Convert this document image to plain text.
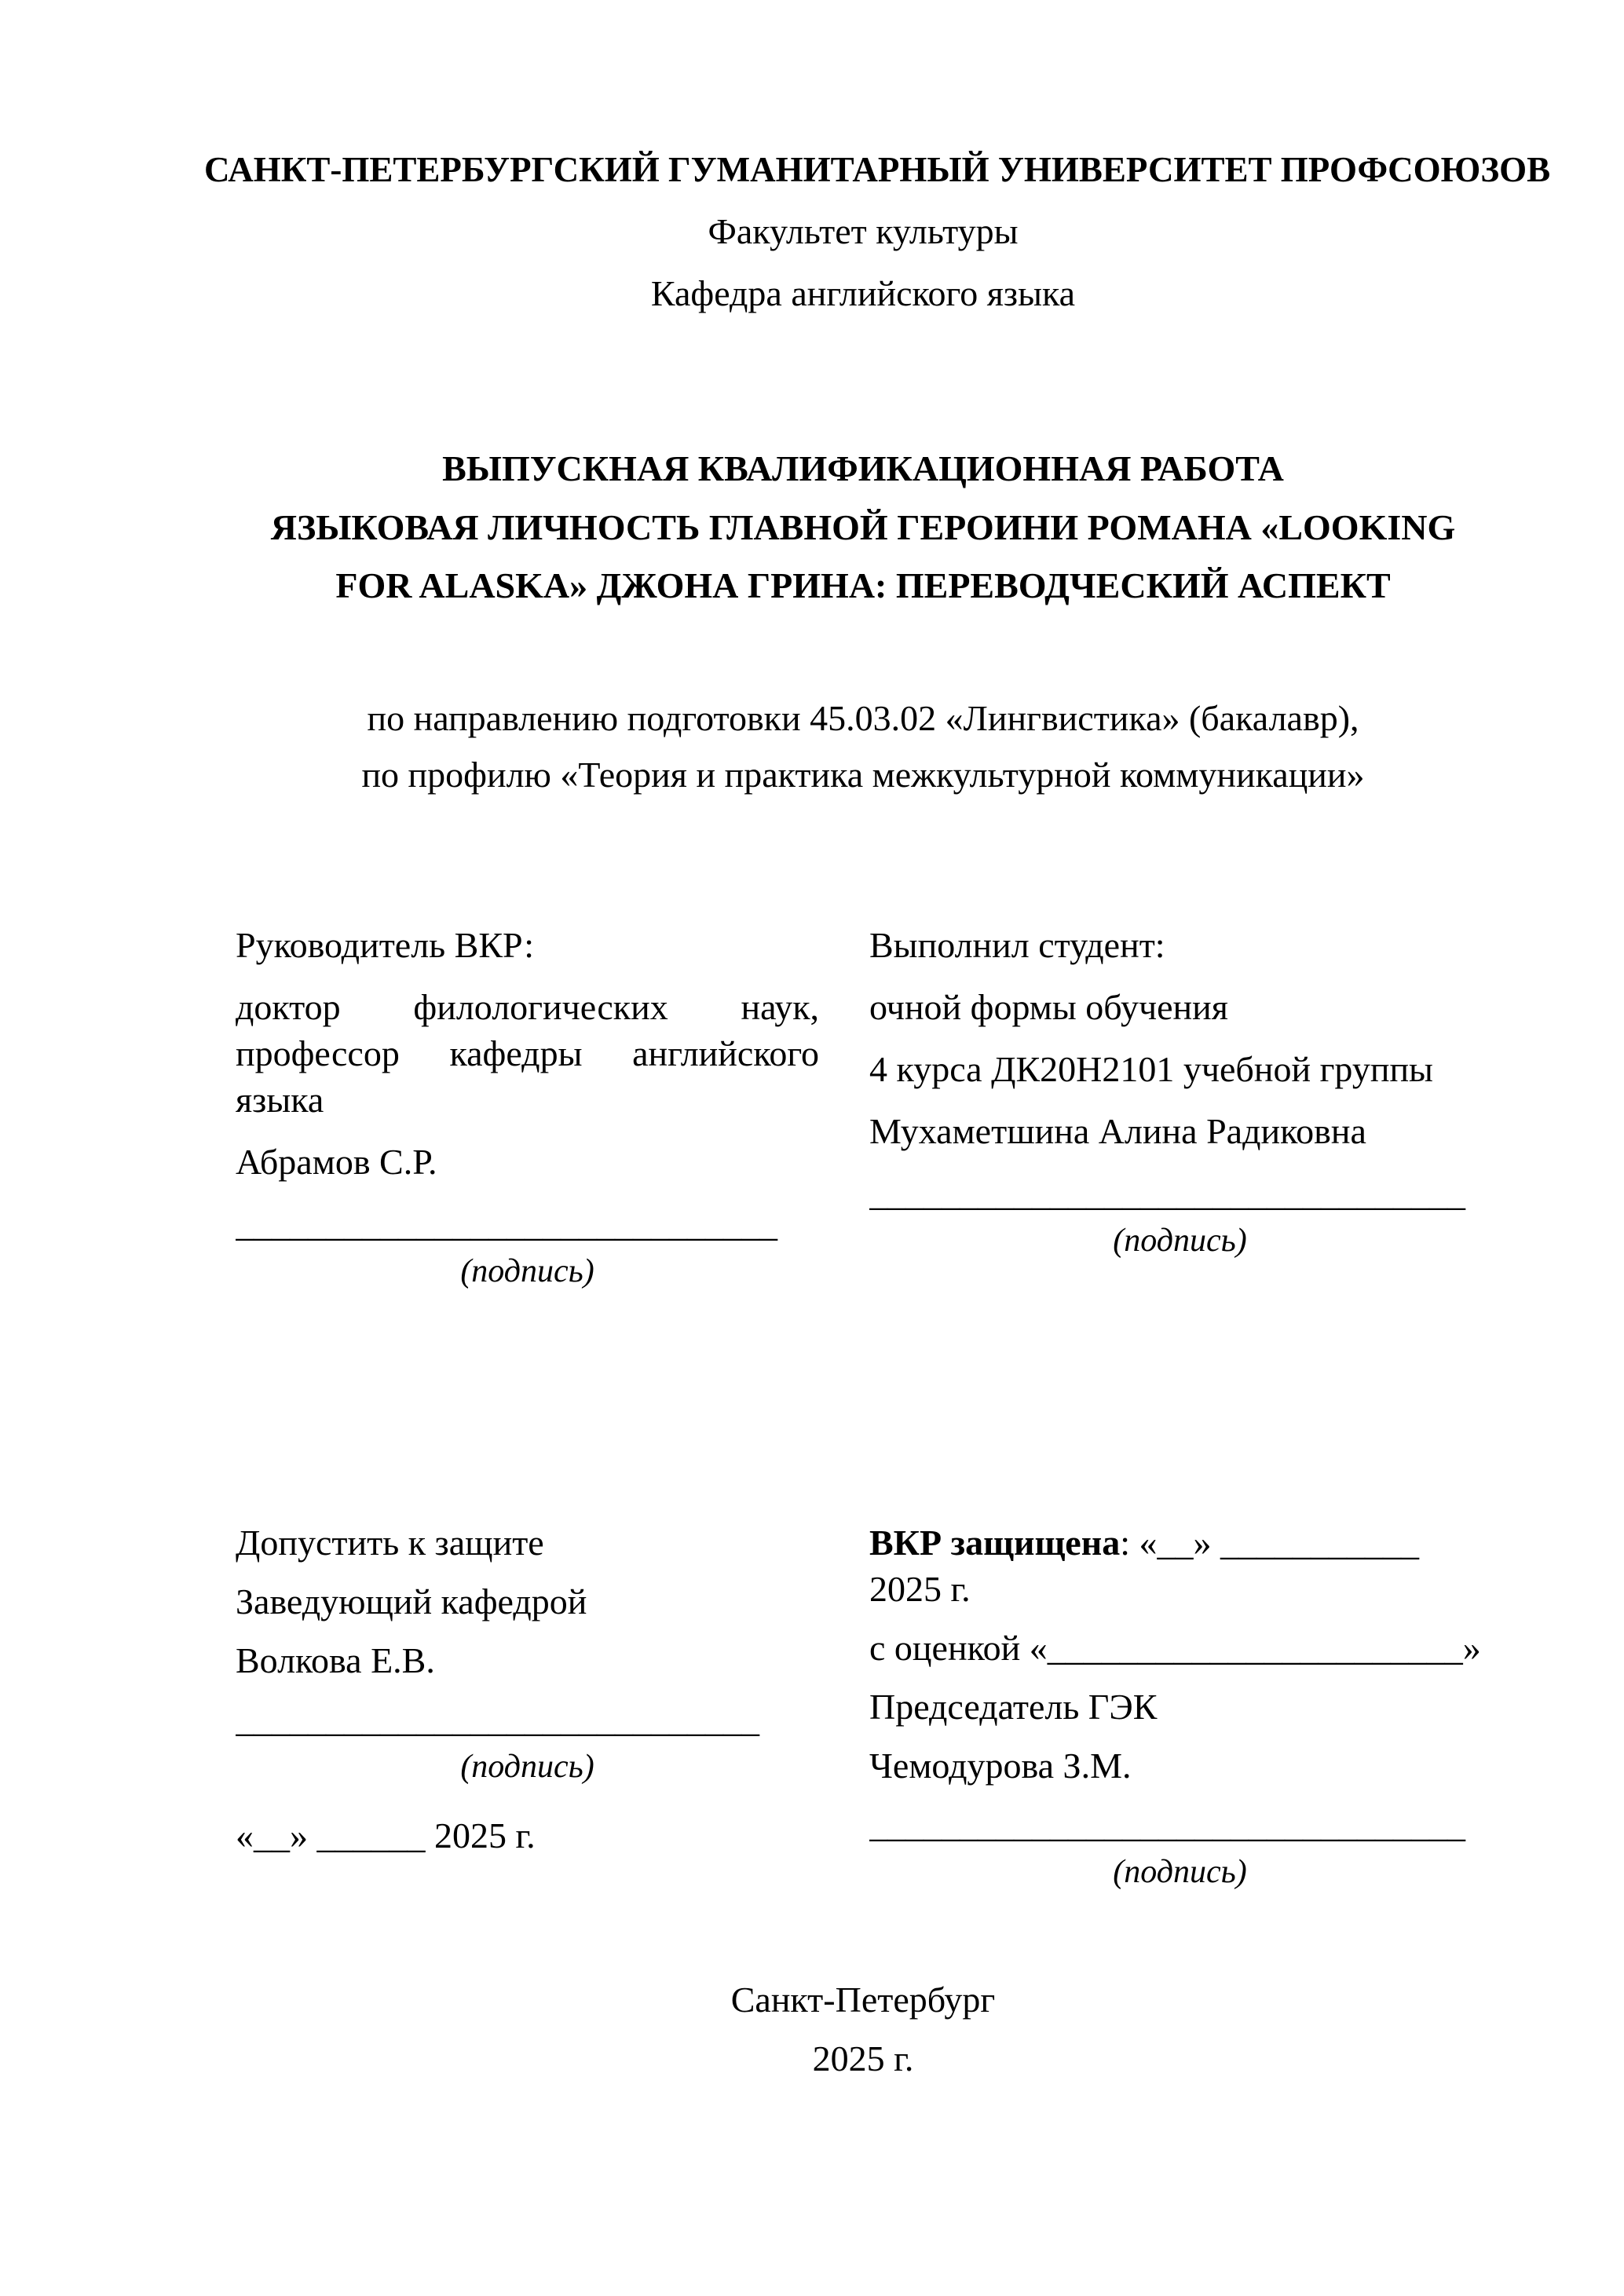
САНКТ-ПЕТЕРБУРГСКИЙ ГУМАНИТАРНЫЙ УНИВЕРСИТЕТ ПРОФСОЮЗОВ
Факультет культуры
Кафедра английского языка
ВЫПУСКНАЯ КВАЛИФИКАЦИОННАЯ РАБОТА
ЯЗЫКОВАЯ ЛИЧНОСТЬ ГЛАВНОЙ ГЕРОИНИ РОМАНА «LOOKING FOR ALASKA» ДЖОНА ГРИНА: ПЕРЕВОДЧЕСКИЙ АСПЕКТ
по направлению подготовки 45.03.02 «Лингвистика» (бакалавр),
по профилю «Теория и практика межкультурной коммуникации»

Руководитель ВКР:

доктор филологических наук, профессор кафедры английского языка

Абрамов С.Р.

______________________________

(подпись)

Выполнил студент:

очной формы обучения

4 курса ДК20Н2101 учебной группы

Мухаметшина Алина Радиковна

_________________________________

(подпись)

Допустить к защите

Заведующий кафедрой

Волкова Е.В.

_____________________________

(подпись)

«__» ______ 2025 г.

ВКР защищена: «__» ___________ 2025 г.

с оценкой «_______________________»

Председатель ГЭК

Чемодурова З.М.

_________________________________

(подпись)

Санкт-Петербург
2025 г.
